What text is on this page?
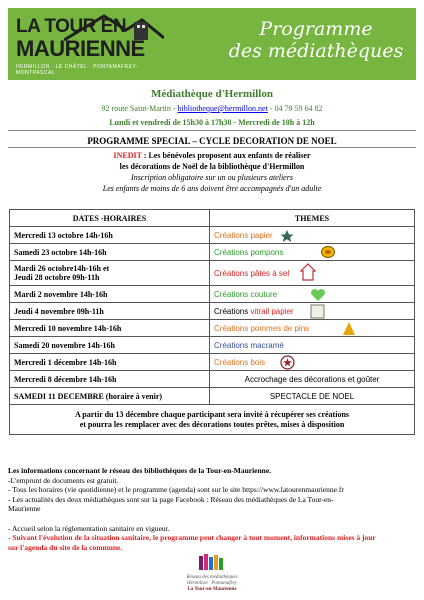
LA TOUR EN
MAURIENNE
HERMILLON · LE CHÂTEL · PONTAMAFREY-MONTPASCAL
Programme
des médiathèques
Médiathèque d'Hermillon
92 route Saint-Martin - bibliotheque@hermillon.net - 04 79 59 64 82
Lundi et vendredi de 15h30 à 17h30 - Mercredi de 10h à 12h
PROGRAMME SPECIAL – CYCLE DECORATION DE NOEL
INEDIT : Les bénévoles proposent aux enfants de réaliser
les décorations de Noël de la bibliothèque d'Hermillon
Inscription obligatoire sur un ou plusieurs ateliers
Les enfants de moins de 6 ans doivent être accompagnés d'un adulte
DATES -HORAIRES	THEMES
Mercredi 13 octobre 14h-16h	Créations papier

Samedi 23 octobre 14h-16h	Créations pompons

Mardi 26 octobre14h-16h et
Jeudi 28 octobre 09h-11h	Créations pâtes à sel

Mardi 2 novembre 14h-16h	Créations couture

Jeudi 4 novembre 09h-11h	Créations vitrail papier

Mercredi 10 novembre 14h-16h	Créations pommes de pins

Samedi 20 novembre 14h-16h	Créations macramé
Mercredi 1 décembre 14h-16h	Créations bois

Mercredi 8 décembre 14h-16h	Accrochage des décorations et goûter
SAMEDI 11 DECEMBRE (horaire à venir)	SPECTACLE DE NOEL

A partir du 13 décembre chaque participant sera invité à récupérer ses créations
et pourra les remplacer avec des décorations toutes prêtes, mises à disposition	

Les informations concernant le réseau des bibliothèques de la Tour-en-Maurienne.

-L'emprunt de documents est gratuit.

- Tous les horaires (vie quotidienne) et le programme (agenda) sont sur le site https://www.latourenmaurienne.fr

- Les actualités des deux médiathèques sont sur la page Facebook : Réseau des médiathèques de La Tour-en-

Maurienne

- Accueil selon la réglementation sanitaire en vigueur.

- Suivant l'évolution de la situation sanitaire, le programme peut changer à tout moment, informations mises à jour

sur l'agenda du site de la commune.

Réseau des médiathèques
Hermillon · Pontamafrey
La Tour-en-Maurienne
